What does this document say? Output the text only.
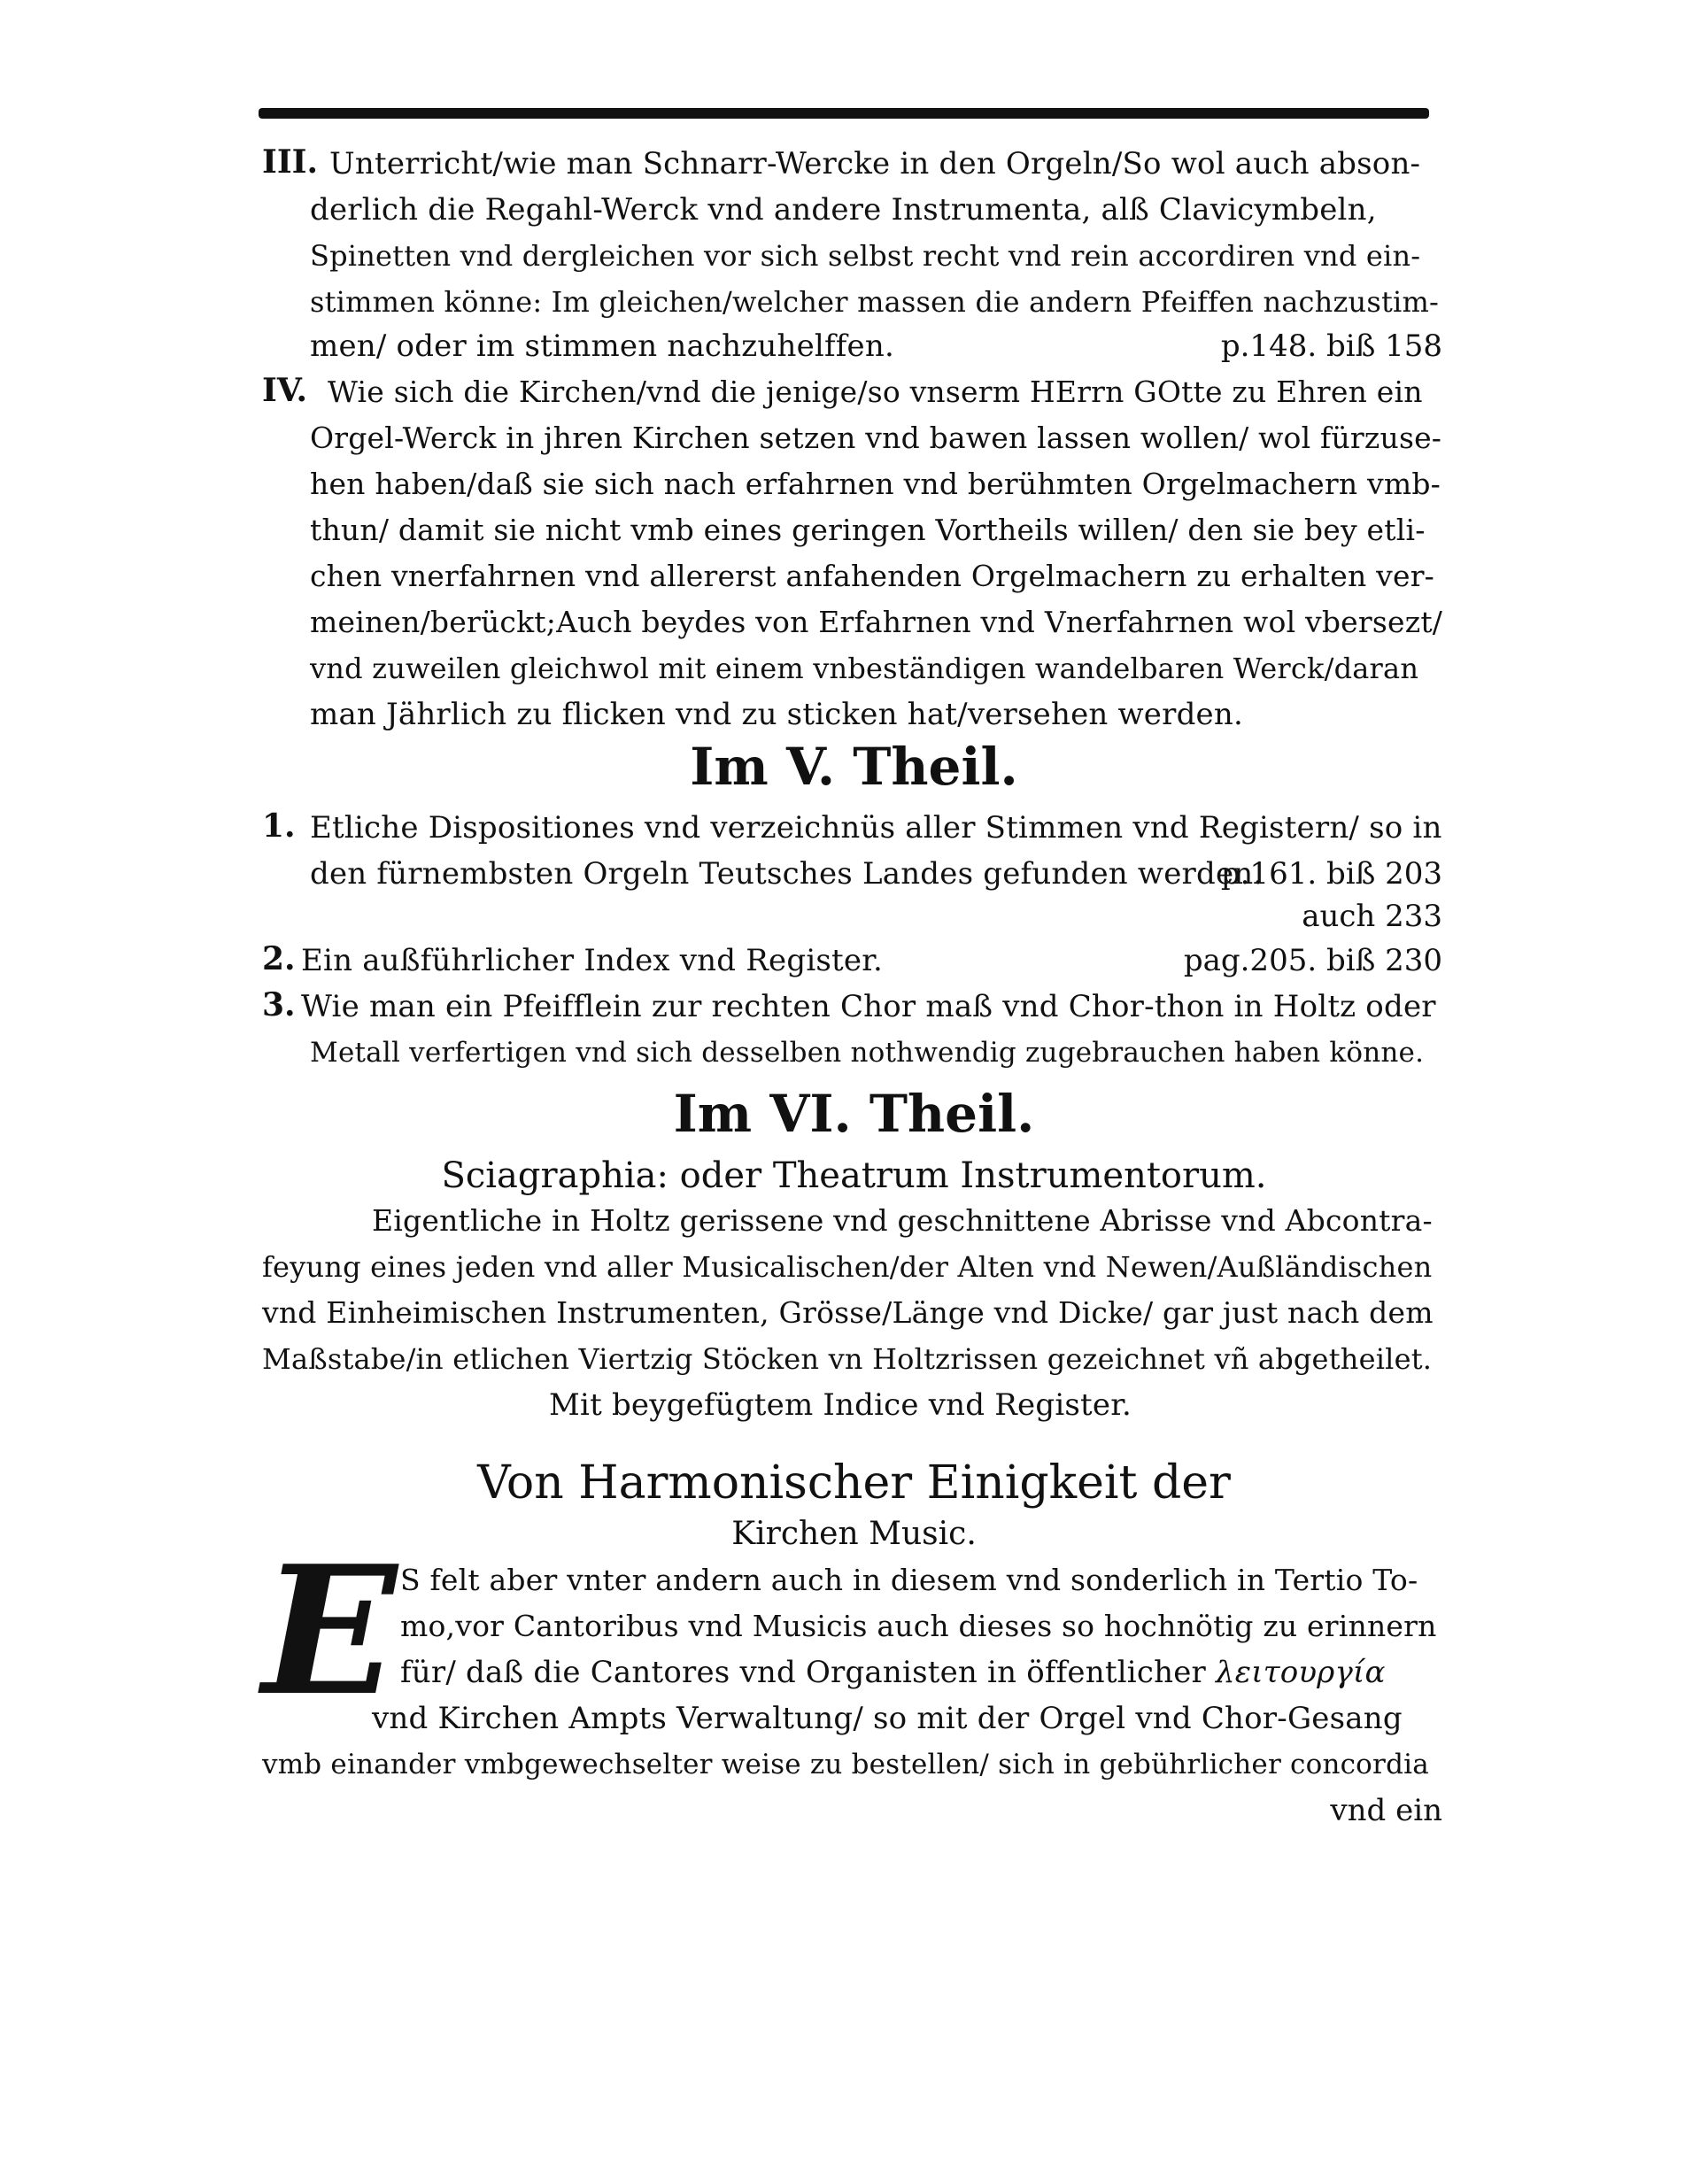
III. Unterricht/wie man Schnarr-Wercke in den Orgeln/So wol auch abson-
derlich die Regahl-Werck vnd andere Instrumenta, alß Clavicymbeln,
Spinetten vnd dergleichen vor sich selbst recht vnd rein accordiren vnd ein-
stimmen könne: Im gleichen/welcher massen die andern Pfeiffen nachzustim-
men/ oder im stimmen nachzuhelffen.	p.148. biß 158
IV. Wie sich die Kirchen/vnd die jenige/so vnserm HErrn GOtte zu Ehren ein
Orgel-Werck in jhren Kirchen setzen vnd bawen lassen wollen/ wol fürzuse-
hen haben/daß sie sich nach erfahrnen vnd berühmten Orgelmachern vmb-
thun/ damit sie nicht vmb eines geringen Vortheils willen/ den sie bey etli-
chen vnerfahrnen vnd allererst anfahenden Orgelmachern zu erhalten ver-
meinen/berückt;Auch beydes von Erfahrnen vnd Vnerfahrnen wol vbersezt/
vnd zuweilen gleichwol mit einem vnbeständigen wandelbaren Werck/daran
man Jährlich zu flicken vnd zu sticken hat/versehen werden.
Im V. Theil.
1. Etliche Dispositiones vnd verzeichnüs aller Stimmen vnd Registern/ so in
den fürnembsten Orgeln Teutsches Landes gefunden werden.
p.161. biß 203
auch 233
2. Ein außführlicher Index vnd Register.	pag.205. biß 230
3. Wie man ein Pfeifflein zur rechten Chor maß vnd Chor-thon in Holtz oder
Metall verfertigen vnd sich desselben nothwendig zugebrauchen haben könne.
Im VI. Theil.
Sciagraphia: oder Theatrum Instrumentorum.
Eigentliche in Holtz gerissene vnd geschnittene Abrisse vnd Abcontra-
feyung eines jeden vnd aller Musicalischen/der Alten vnd Newen/Außländischen
vnd Einheimischen Instrumenten, Grösse/Länge vnd Dicke/ gar just nach dem
Maßstabe/in etlichen Viertzig Stöcken vn Holtzrissen gezeichnet vñ abgetheilet.
Mit beygefügtem Indice vnd Register.
Von Harmonischer Einigkeit der
Kirchen Music.
E S felt aber vnter andern auch in diesem vnd sonderlich in Tertio To-
mo,vor Cantoribus vnd Musicis auch dieses so hochnötig zu erinnern
für/ daß die Cantores vnd Organisten in öffentlicher λειτουργία
vnd Kirchen Ampts Verwaltung/ so mit der Orgel vnd Chor-Gesang
vmb einander vmbgewechselter weise zu bestellen/ sich in gebührlicher concordia
vnd ein
